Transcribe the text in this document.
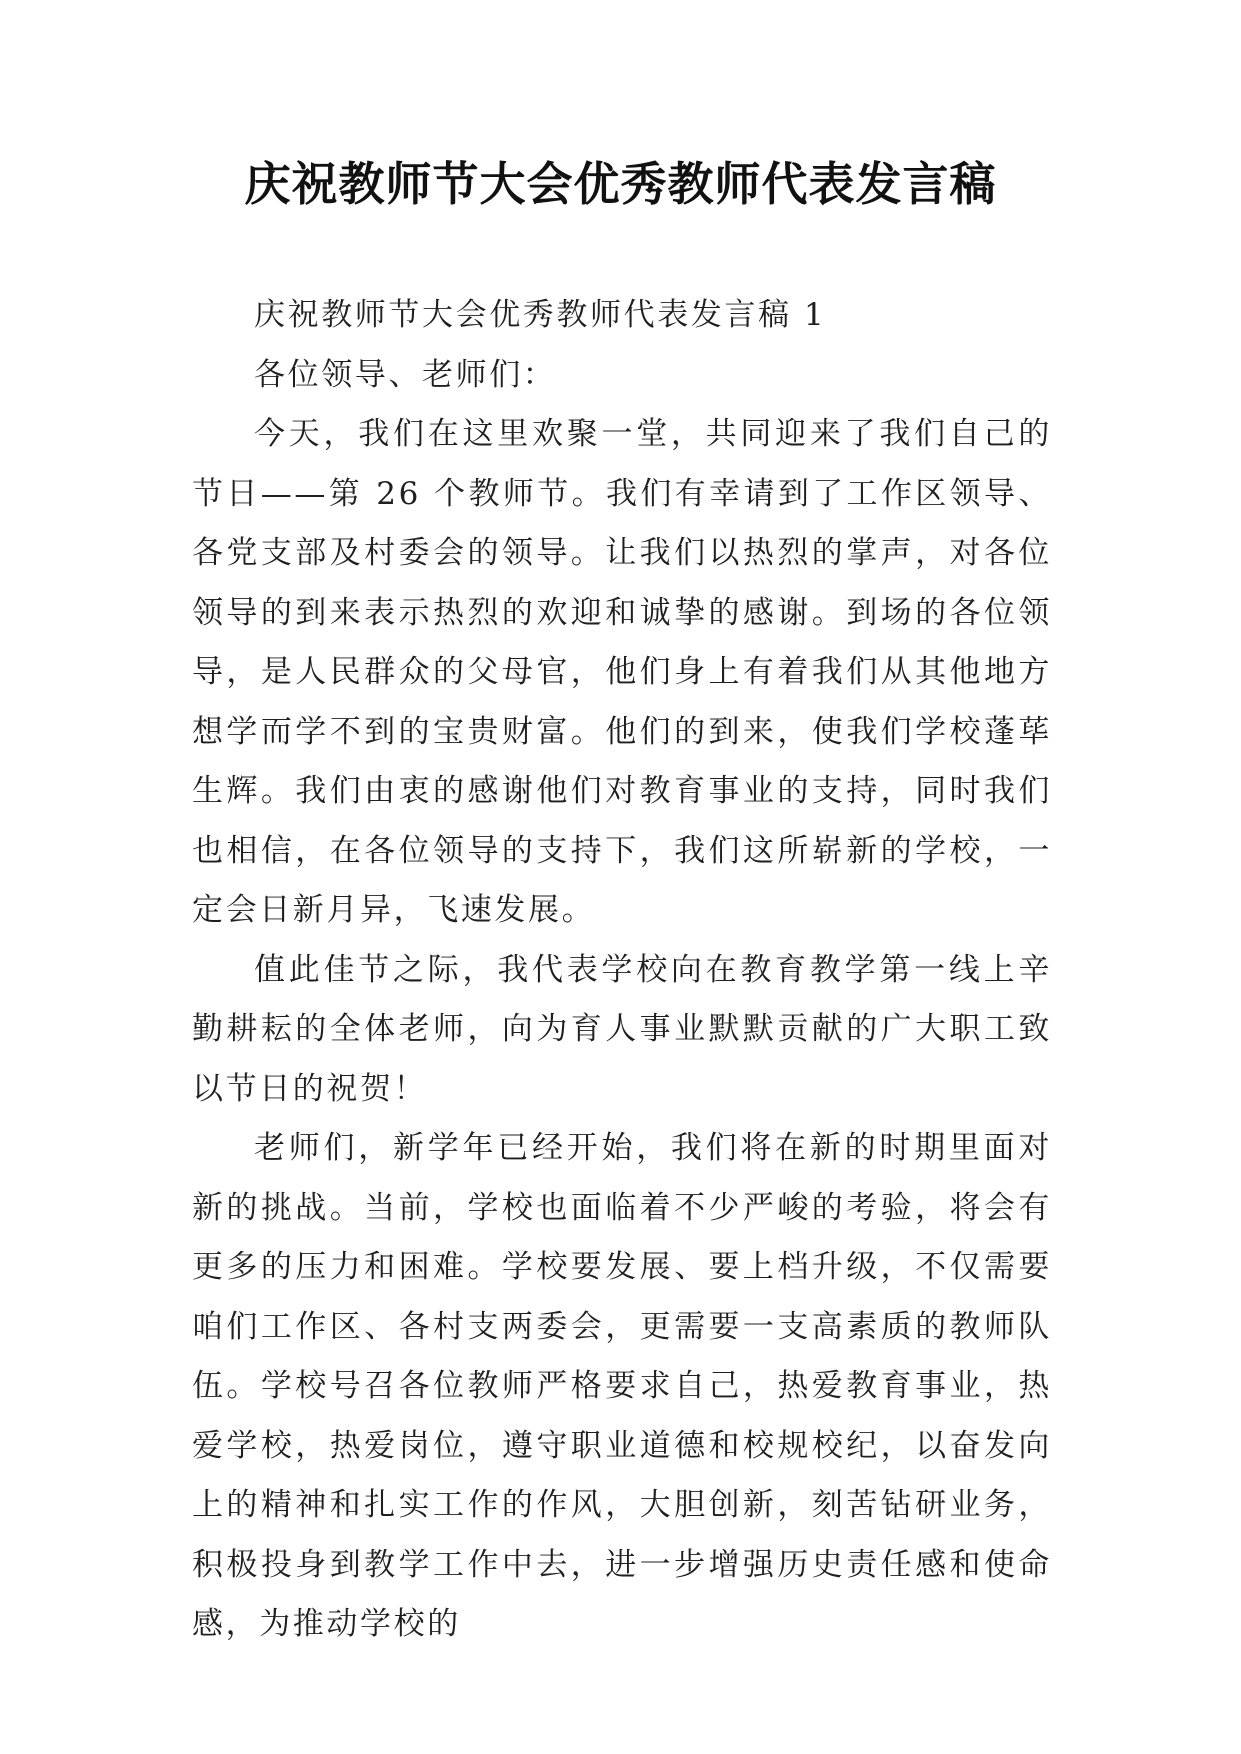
庆祝教师节大会优秀教师代表发言稿

庆祝教师节大会优秀教师代表发言稿 1

各位领导、老师们：

今天，我们在这里欢聚一堂，共同迎来了我们自己的节日——第 26 个教师节。我们有幸请到了工作区领导、各党支部及村委会的领导。让我们以热烈的掌声，对各位领导的到来表示热烈的欢迎和诚挚的感谢。到场的各位领导，是人民群众的父母官，他们身上有着我们从其他地方想学而学不到的宝贵财富。他们的到来，使我们学校蓬荜生辉。我们由衷的感谢他们对教育事业的支持，同时我们也相信，在各位领导的支持下，我们这所崭新的学校，一定会日新月异，飞速发展。

值此佳节之际，我代表学校向在教育教学第一线上辛勤耕耘的全体老师，向为育人事业默默贡献的广大职工致以节日的祝贺！

老师们，新学年已经开始，我们将在新的时期里面对新的挑战。当前，学校也面临着不少严峻的考验，将会有更多的压力和困难。学校要发展、要上档升级，不仅需要咱们工作区、各村支两委会，更需要一支高素质的教师队伍。学校号召各位教师严格要求自己，热爱教育事业，热爱学校，热爱岗位，遵守职业道德和校规校纪，以奋发向上的精神和扎实工作的作风，大胆创新，刻苦钻研业务，积极投身到教学工作中去，进一步增强历史责任感和使命感，为推动学校的
